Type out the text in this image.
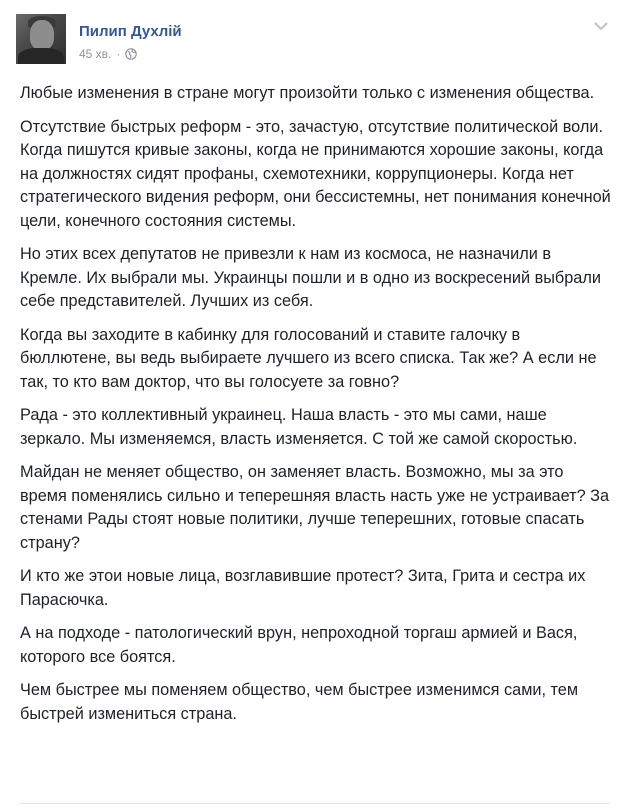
Пилип Духлій
45 хв. ·

Любые изменения в стране могут произойти только с изменения общества.

Отсутствие быстрых реформ - это, зачастую, отсутствие политической воли. Когда пишутся кривые законы, когда не принимаются хорошие законы, когда на должностях сидят профаны, схемотехники, коррупционеры. Когда нет стратегического видения реформ, они бессистемны, нет понимания конечной цели, конечного состояния системы.

Но этих всех депутатов не привезли к нам из космоса, не назначили в Кремле. Их выбрали мы. Украинцы пошли и в одно из воскресений выбрали себе представителей. Лучших из себя.

Когда вы заходите в кабинку для голосований и ставите галочку в бюллютене, вы ведь выбираете лучшего из всего списка. Так же? А если не так, то кто вам доктор, что вы голосуете за говно?

Рада - это коллективный украинец. Наша власть - это мы сами, наше зеркало. Мы изменяемся, власть изменяется. С той же самой скоростью.

Майдан не меняет общество, он заменяет власть. Возможно, мы за это время поменялись сильно и теперешняя власть насть уже не устраивает? За стенами Рады стоят новые политики, лучше теперешних, готовые спасать страну?

И кто же этои новые лица, возглавившие протест? Зита, Грита и сестра их Парасючка.

А на подходе - патологический врун, непроходной торгаш армией и Вася, которого все боятся.

Чем быстрее мы поменяем общество, чем быстрее изменимся сами, тем быстрей измениться страна.
